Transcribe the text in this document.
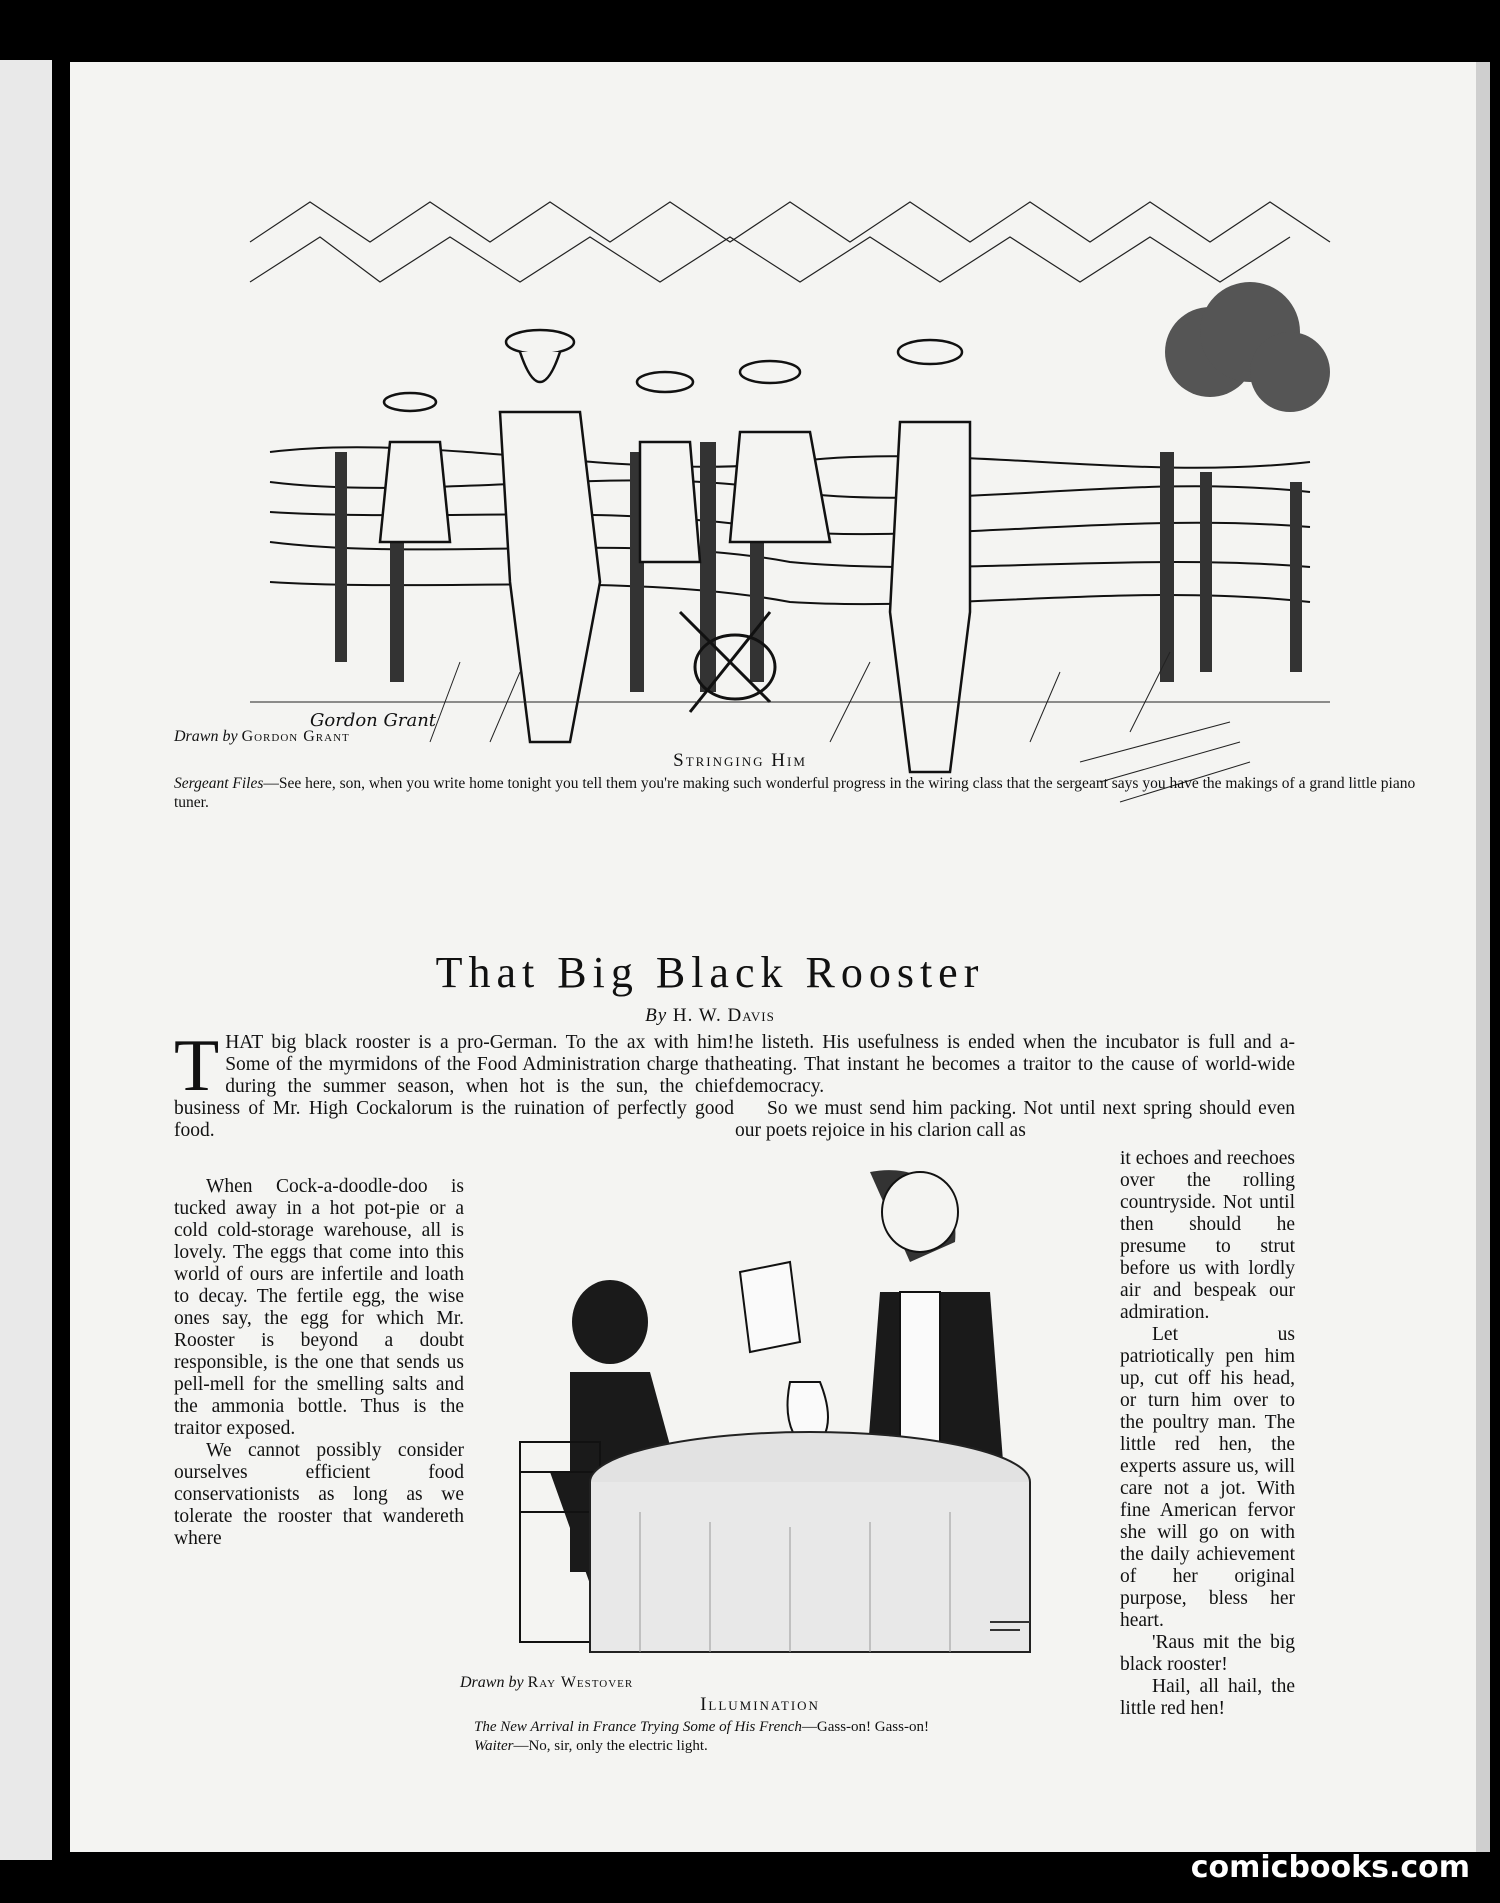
Gordon Grant
Drawn by Gordon Grant
Stringing Him
Sergeant Files—See here, son, when you write home tonight you tell them you're making such wonderful progress in the wiring class that the sergeant says you have the makings of a grand little piano tuner.
That Big Black Rooster
By H. W. Davis

THAT big black rooster is a pro-German. To the ax with him! Some of the myrmidons of the Food Administration charge that during the summer season, when hot is the sun, the chief business of Mr. High Cockalorum is the ruination of perfectly good food.

When Cock-a-doodle-doo is tucked away in a hot pot-pie or a cold cold-storage warehouse, all is lovely. The eggs that come into this world of ours are infertile and loath to decay. The fertile egg, the wise ones say, the egg for which Mr. Rooster is beyond a doubt responsible, is the one that sends us pell-mell for the smelling salts and the ammonia bottle. Thus is the traitor exposed.

We cannot possibly consider ourselves efficient food conservationists as long as we tolerate the rooster that wandereth where

he listeth. His usefulness is ended when the incubator is full and a-heating. That instant he becomes a traitor to the cause of world-wide democracy.

So we must send him packing. Not until next spring should even our poets rejoice in his clarion call as

it echoes and reechoes over the rolling countryside. Not until then should he presume to strut before us with lordly air and bespeak our admiration.

Let us patriotically pen him up, cut off his head, or turn him over to the poultry man. The little red hen, the experts assure us, will care not a jot. With fine American fervor she will go on with the daily achievement of her original purpose, bless her heart.

'Raus mit the big black rooster!

Hail, all hail, the little red hen!

Drawn by Ray Westover
Illumination
The New Arrival in France Trying Some of His French—Gass-on! Gass-on!
Waiter—No, sir, only the electric light.
comicbooks.com
